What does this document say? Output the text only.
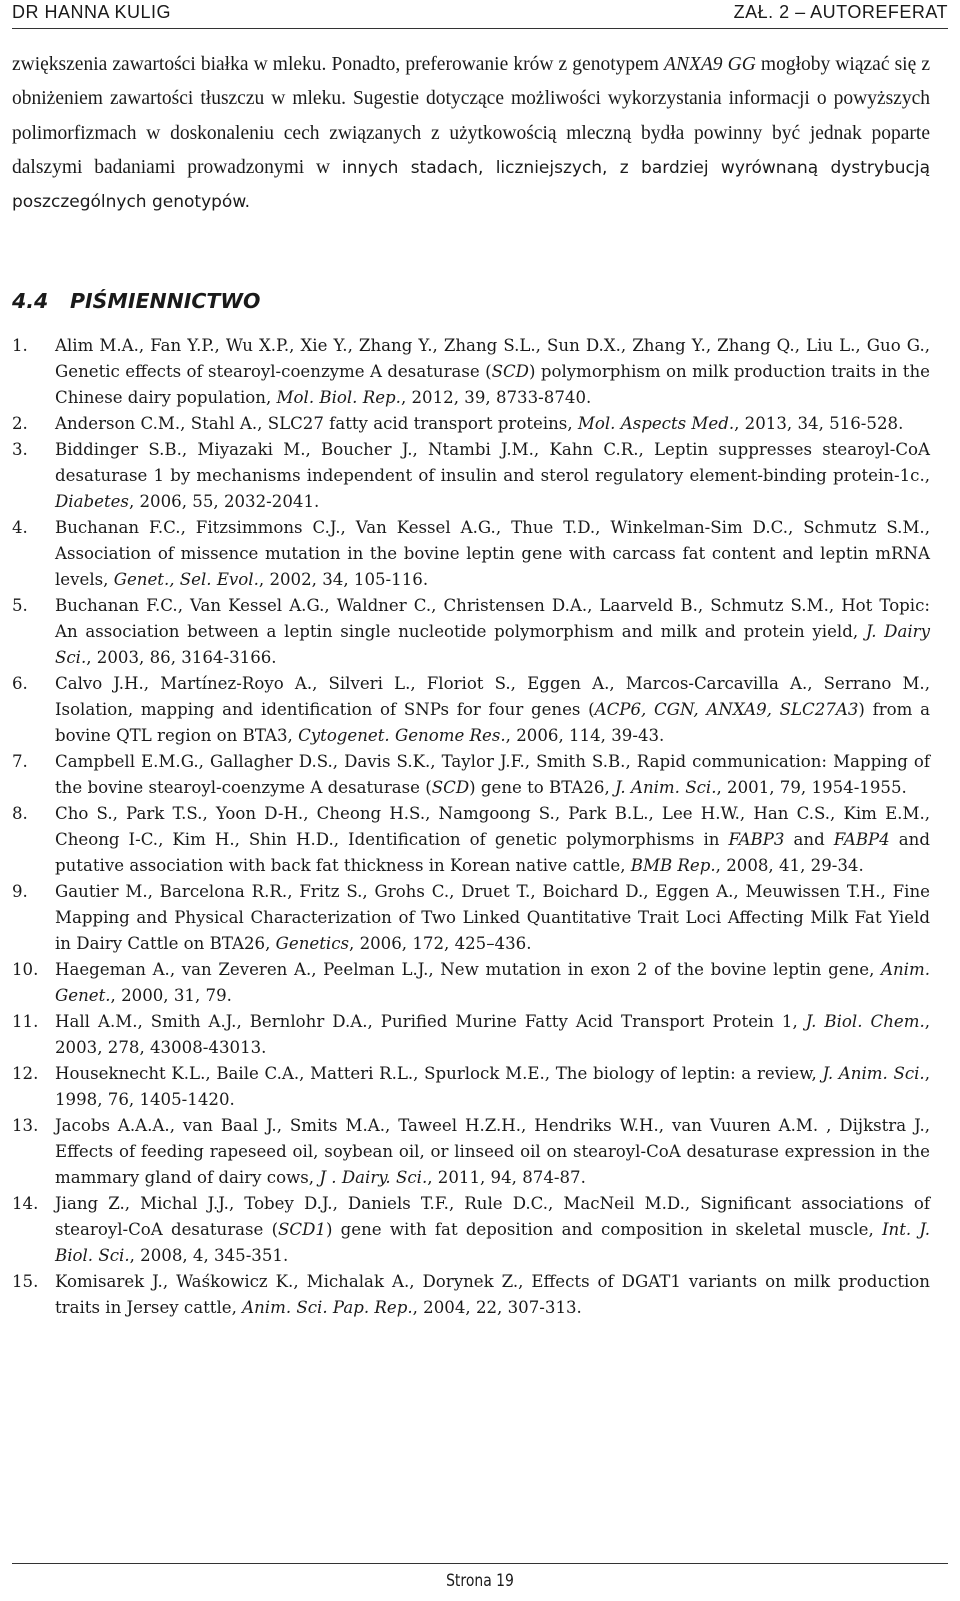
DR HANNA KULIG	ZAŁ. 2 – AUTOREFERAT

zwiększenia zawartości białka w mleku. Ponadto, preferowanie krów z genotypem ANXA9 GG mogłoby wiązać się z obniżeniem zawartości tłuszczu w mleku. Sugestie dotyczące możliwości wykorzystania informacji o powyższych polimorfizmach w doskonaleniu cech związanych z użytkowością mleczną bydła powinny być jednak poparte dalszymi badaniami prowadzonymi w innych stadach, liczniejszych, z bardziej wyrównaną dystrybucją poszczególnych genotypów.

4.4 PIŚMIENNICTWO
1. Alim M.A., Fan Y.P., Wu X.P., Xie Y., Zhang Y., Zhang S.L., Sun D.X., Zhang Y., Zhang Q., Liu L., Guo G., Genetic effects of stearoyl-coenzyme A desaturase (SCD) polymorphism on milk production traits in the Chinese dairy population, Mol. Biol. Rep., 2012, 39, 8733-8740.
2. Anderson C.M., Stahl A., SLC27 fatty acid transport proteins, Mol. Aspects Med., 2013, 34, 516-528.
3. Biddinger S.B., Miyazaki M., Boucher J., Ntambi J.M., Kahn C.R., Leptin suppresses stearoyl-CoA desaturase 1 by mechanisms independent of insulin and sterol regulatory element-binding protein-1c., Diabetes, 2006, 55, 2032-2041.
4. Buchanan F.C., Fitzsimmons C.J., Van Kessel A.G., Thue T.D., Winkelman-Sim D.C., Schmutz S.M., Association of missence mutation in the bovine leptin gene with carcass fat content and leptin mRNA levels, Genet., Sel. Evol., 2002, 34, 105-116.
5. Buchanan F.C., Van Kessel A.G., Waldner C., Christensen D.A., Laarveld B., Schmutz S.M., Hot Topic: An association between a leptin single nucleotide polymorphism and milk and protein yield, J. Dairy Sci., 2003, 86, 3164-3166.
6. Calvo J.H., Martínez-Royo A., Silveri L., Floriot S., Eggen A., Marcos-Carcavilla A., Serrano M., Isolation, mapping and identification of SNPs for four genes (ACP6, CGN, ANXA9, SLC27A3) from a bovine QTL region on BTA3, Cytogenet. Genome Res., 2006, 114, 39-43.
7. Campbell E.M.G., Gallagher D.S., Davis S.K., Taylor J.F., Smith S.B., Rapid communication: Mapping of the bovine stearoyl-coenzyme A desaturase (SCD) gene to BTA26, J. Anim. Sci., 2001, 79, 1954-1955.
8. Cho S., Park T.S., Yoon D-H., Cheong H.S., Namgoong S., Park B.L., Lee H.W., Han C.S., Kim E.M., Cheong I-C., Kim H., Shin H.D., Identification of genetic polymorphisms in FABP3 and FABP4 and putative association with back fat thickness in Korean native cattle, BMB Rep., 2008, 41, 29-34.
9. Gautier M., Barcelona R.R., Fritz S., Grohs C., Druet T., Boichard D., Eggen A., Meuwissen T.H., Fine Mapping and Physical Characterization of Two Linked Quantitative Trait Loci Affecting Milk Fat Yield in Dairy Cattle on BTA26, Genetics, 2006, 172, 425–436.
10. Haegeman A., van Zeveren A., Peelman L.J., New mutation in exon 2 of the bovine leptin gene, Anim. Genet., 2000, 31, 79.
11. Hall A.M., Smith A.J., Bernlohr D.A., Purified Murine Fatty Acid Transport Protein 1, J. Biol. Chem., 2003, 278, 43008-43013.
12. Houseknecht K.L., Baile C.A., Matteri R.L., Spurlock M.E., The biology of leptin: a review, J. Anim. Sci., 1998, 76, 1405-1420.
13. Jacobs A.A.A., van Baal J., Smits M.A., Taweel H.Z.H., Hendriks W.H., van Vuuren A.M. , Dijkstra J., Effects of feeding rapeseed oil, soybean oil, or linseed oil on stearoyl-CoA desaturase expression in the mammary gland of dairy cows, J . Dairy. Sci., 2011, 94, 874-87.
14. Jiang Z., Michal J.J., Tobey D.J., Daniels T.F., Rule D.C., MacNeil M.D., Significant associations of stearoyl-CoA desaturase (SCD1) gene with fat deposition and composition in skeletal muscle, Int. J. Biol. Sci., 2008, 4, 345-351.
15. Komisarek J., Waśkowicz K., Michalak A., Dorynek Z., Effects of DGAT1 variants on milk production traits in Jersey cattle, Anim. Sci. Pap. Rep., 2004, 22, 307-313.
Strona 19
